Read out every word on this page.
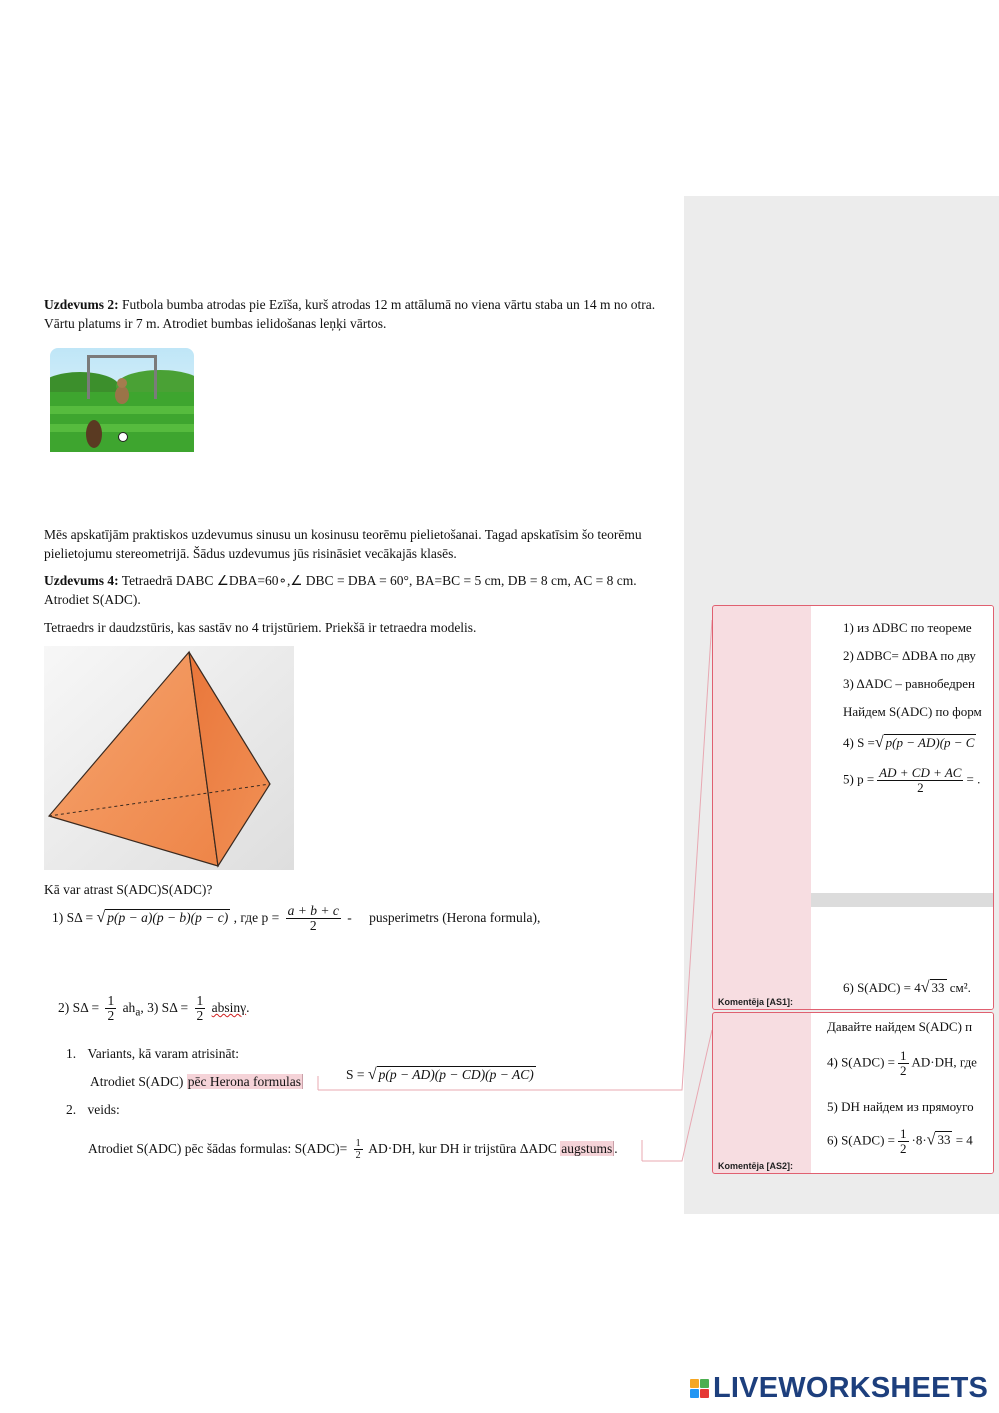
Uzdevums 2: Futbola bumba atrodas pie Ezīša, kurš atrodas 12 m attālumā no viena vārtu staba un 14 m no otra. Vārtu platums ir 7 m. Atrodiet bumbas ielidošanas leņķi vārtos.

Mēs apskatījām praktiskos uzdevumus sinusu un kosinusu teorēmu pielietošanai. Tagad apskatīsim šo teorēmu pielietojumu stereometrijā. Šādus uzdevumus jūs risināsiet vecākajās klasēs.

Uzdevums 4: Tetraedrā DABC ∠DBA=60∘,∠ DBC = DBA = 60°, BA=BC = 5 cm, DB = 8 cm, AC = 8 cm. Atrodiet S(ADC).

Tetraedrs ir daudzstūris, kas sastāv no 4 trijstūriem. Priekšā ir tetraedra modelis.

Kā var atrast S(ADC)S(ADC)?

1) SΔ = √ p(p − a)(p − b)(p − c) , где $p = \frac{a + b + c}{2}$ - pusperimetrs (Herona formula),
2) $S\Delta = \frac{1}{2} ah_a$, 3) $S\Delta = \frac{1}{2} absin\gamma$.
1. Variants, kā varam atrisināt:
Atrodiet S(ADC) pēc Herona formulas	S = √ p(p − AD)(p − CD)(p − AC)
2. veids:
Atrodiet S(ADC) pēc šādas formulas: $S(ADC)= \frac{1}{2} AD\cdot DH$, kur DH ir trijstūra ΔADC augstums .
1) из ΔDBC по теореме
2) ΔDBC= ΔDBA по дву
3) ΔADC – равнобедрен
Найдем S(ADC) по форм
4) S =√ p(p − AD)(p − C
5) $p = \frac{AD + CD + AC}{2}$ = .
6) S(ADC) = 4√ 33 см².
Komentēja [AS1]:
Давайте найдем S(ADC) п
4) $S(ADC) = \frac{1}{2} AD\cdot DH$, где
5) DH найдем из прямоуго
6) $S(ADC) = \frac{1}{2} \cdot 8\cdot√$ 33 = 4
Komentēja [AS2]:
LIVEWORKSHEETS
